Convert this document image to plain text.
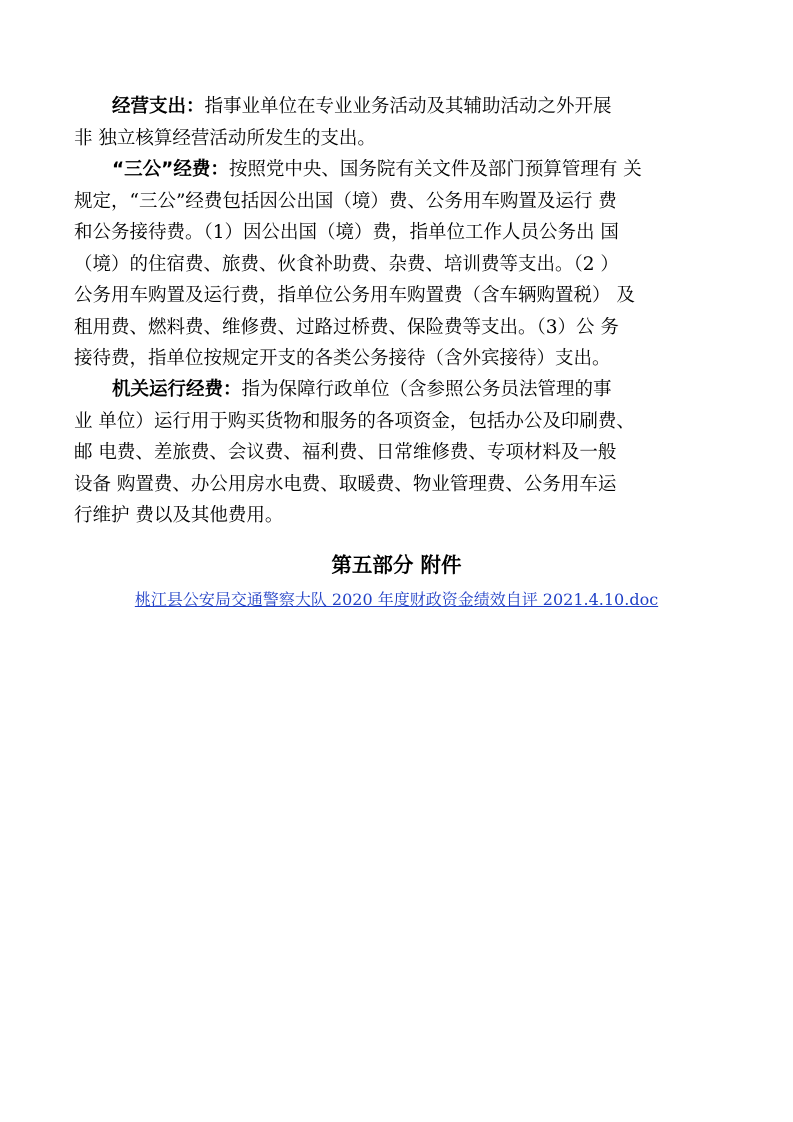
经营支出：指事业单位在专业业务活动及其辅助活动之外开展
非 独立核算经营活动所发生的支出。

“三公”经费：按照党中央、国务院有关文件及部门预算管理有 关
规定，“三公”经费包括因公出国（境）费、公务用车购置及运行 费
和公务接待费。（1）因公出国（境）费，指单位工作人员公务出 国
（境）的住宿费、旅费、伙食补助费、杂费、培训费等支出。（2 ）
公务用车购置及运行费，指单位公务用车购置费（含车辆购置税） 及
租用费、燃料费、维修费、过路过桥费、保险费等支出。（3）公 务
接待费，指单位按规定开支的各类公务接待（含外宾接待）支出。

机关运行经费：指为保障行政单位（含参照公务员法管理的事
业 单位）运行用于购买货物和服务的各项资金，包括办公及印刷费、
邮 电费、差旅费、会议费、福利费、日常维修费、专项材料及一般
设备 购置费、办公用房水电费、取暖费、物业管理费、公务用车运
行维护 费以及其他费用。

第五部分 附件
桃江县公安局交通警察大队 2020 年度财政资金绩效自评 2021.4.10.doc
